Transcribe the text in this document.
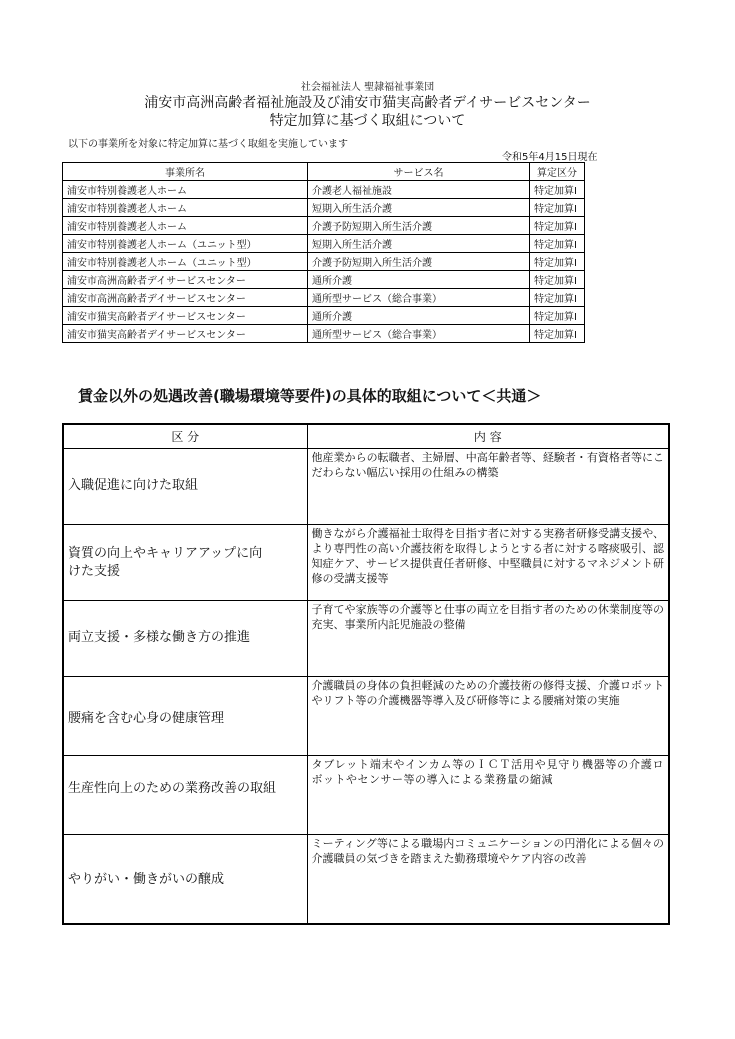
社会福祉法人 聖隷福祉事業団
浦安市高洲高齢者福祉施設及び浦安市猫実高齢者デイサービスセンター
特定加算に基づく取組について
以下の事業所を対象に特定加算に基づく取組を実施しています
令和5年4月15日現在
事業所名	サービス名	算定区分
浦安市特別養護老人ホーム	介護老人福祉施設	特定加算Ⅰ
浦安市特別養護老人ホーム	短期入所生活介護	特定加算Ⅰ
浦安市特別養護老人ホーム	介護予防短期入所生活介護	特定加算Ⅰ
浦安市特別養護老人ホーム（ユニット型）	短期入所生活介護	特定加算Ⅰ
浦安市特別養護老人ホーム（ユニット型）	介護予防短期入所生活介護	特定加算Ⅰ
浦安市高洲高齢者デイサービスセンター	通所介護	特定加算Ⅰ
浦安市高洲高齢者デイサービスセンター	通所型サービス（総合事業）	特定加算Ⅰ
浦安市猫実高齢者デイサービスセンター	通所介護	特定加算Ⅰ
浦安市猫実高齢者デイサービスセンター	通所型サービス（総合事業）	特定加算Ⅰ
賃金以外の処遇改善(職場環境等要件)の具体的取組について＜共通＞
区 分	内 容

入職促進に向けた取組	他産業からの転職者、主婦層、中高年齢者等、経験者・有資格者等にこだわらない幅広い採用の仕組みの構築

資質の向上やキャリアアップに向けた支援	働きながら介護福祉士取得を目指す者に対する実務者研修受講支援や、より専門性の高い介護技術を取得しようとする者に対する喀痰吸引、認知症ケア、サービス提供責任者研修、中堅職員に対するマネジメント研修の受講支援等

両立支援・多様な働き方の推進	子育てや家族等の介護等と仕事の両立を目指す者のための休業制度等の充実、事業所内託児施設の整備

腰痛を含む心身の健康管理	介護職員の身体の負担軽減のための介護技術の修得支援、介護ロボットやリフト等の介護機器等導入及び研修等による腰痛対策の実施

生産性向上のための業務改善の取組	タブレット端末やインカム等のＩＣＴ活用や見守り機器等の介護ロボットやセンサー等の導入による業務量の縮減

やりがい・働きがいの醸成	ミーティング等による職場内コミュニケーションの円滑化による個々の介護職員の気づきを踏まえた勤務環境やケア内容の改善
